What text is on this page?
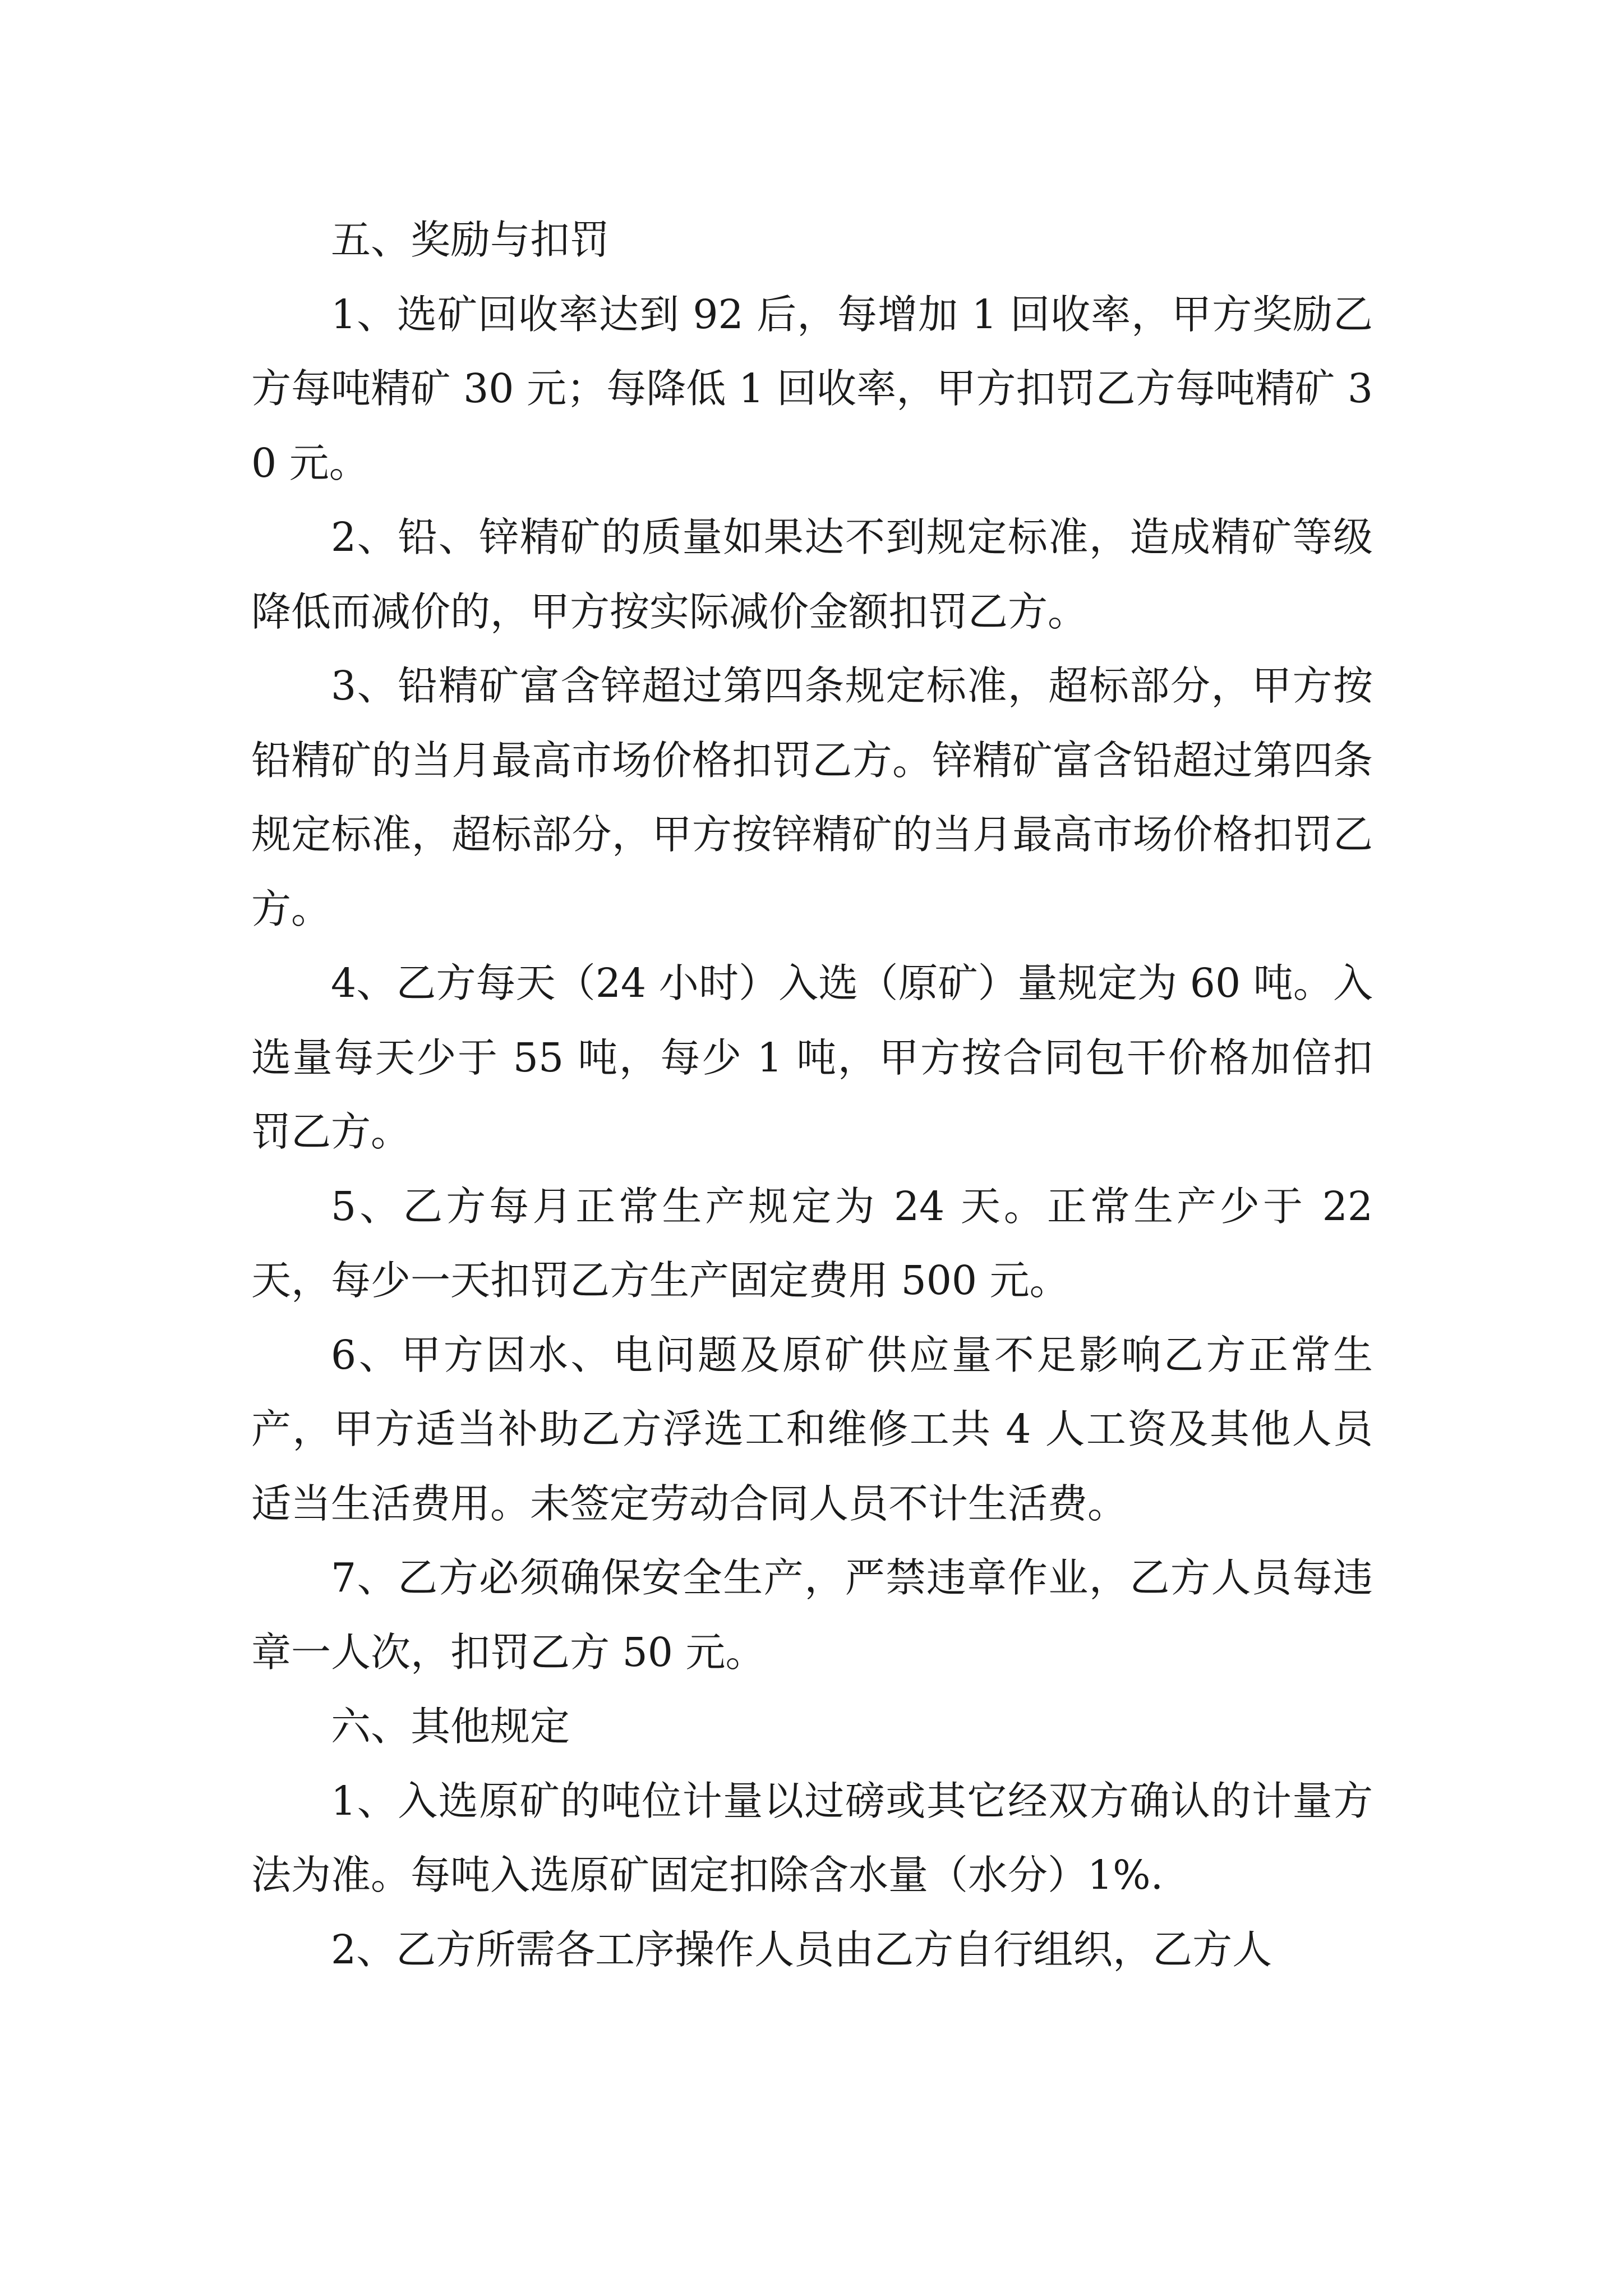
五、奖励与扣罚

1、选矿回收率达到 92 后，每增加 1 回收率，甲方奖励乙方每吨精矿 30 元；每降低 1 回收率，甲方扣罚乙方每吨精矿 30 元。

2、铅、锌精矿的质量如果达不到规定标准，造成精矿等级降低而减价的，甲方按实际减价金额扣罚乙方。

3、铅精矿富含锌超过第四条规定标准，超标部分，甲方按铅精矿的当月最高市场价格扣罚乙方。锌精矿富含铅超过第四条规定标准，超标部分，甲方按锌精矿的当月最高市场价格扣罚乙方。

4、乙方每天（24 小时）入选（原矿）量规定为 60 吨。入选量每天少于 55 吨，每少 1 吨，甲方按合同包干价格加倍扣罚乙方。

5、乙方每月正常生产规定为 24 天。正常生产少于 22 天，每少一天扣罚乙方生产固定费用 500 元。

6、甲方因水、电问题及原矿供应量不足影响乙方正常生产，甲方适当补助乙方浮选工和维修工共 4 人工资及其他人员适当生活费用。未签定劳动合同人员不计生活费。

7、乙方必须确保安全生产，严禁违章作业，乙方人员每违章一人次，扣罚乙方 50 元。

六、其他规定

1、入选原矿的吨位计量以过磅或其它经双方确认的计量方法为准。每吨入选原矿固定扣除含水量（水分）1%.

2、乙方所需各工序操作人员由乙方自行组织，乙方人
